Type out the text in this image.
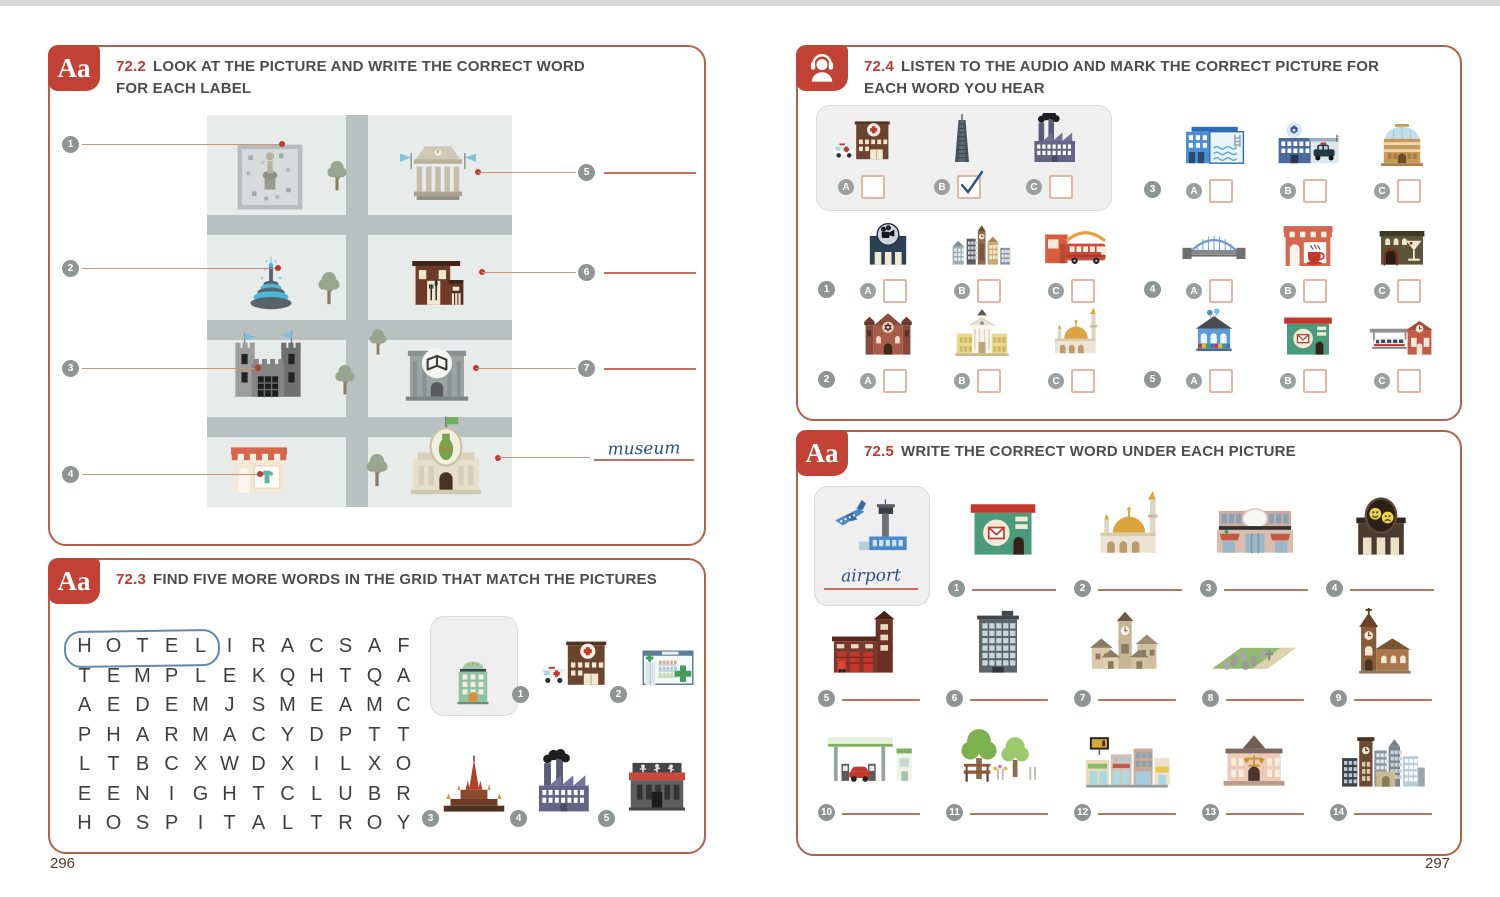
Aa	72.2 LOOK AT THE PICTURE AND WRITE THE CORRECT WORD FOR EACH LABEL
1
2
3
4
5
6
7
museum
Aa	72.3 FIND FIVE MORE WORDS IN THE GRID THAT MATCH THE PICTURES
H O T E L	I R A C S A F
T E M P L E K Q H T Q A
A E D E M J S M E A M C
P H A R M A C Y D P T T
L T B C X W D X I	L X O
E E N I G H T C L U B R
H O S P I	T A L T R O Y
1	2
3	4	5
296
72.4 LISTEN TO THE AUDIO AND MARK THE CORRECT PICTURE FOR EACH WORD YOU HEAR
A	B	C
1	A	B	C
2	A	B	C
3	A	B	C
4	A	B	C
5	A	B	C
Aa	72.5 WRITE THE CORRECT WORD UNDER EACH PICTURE
airport
1	2	3	4
5	6	7	8	9
10	11	12	13	14
297
